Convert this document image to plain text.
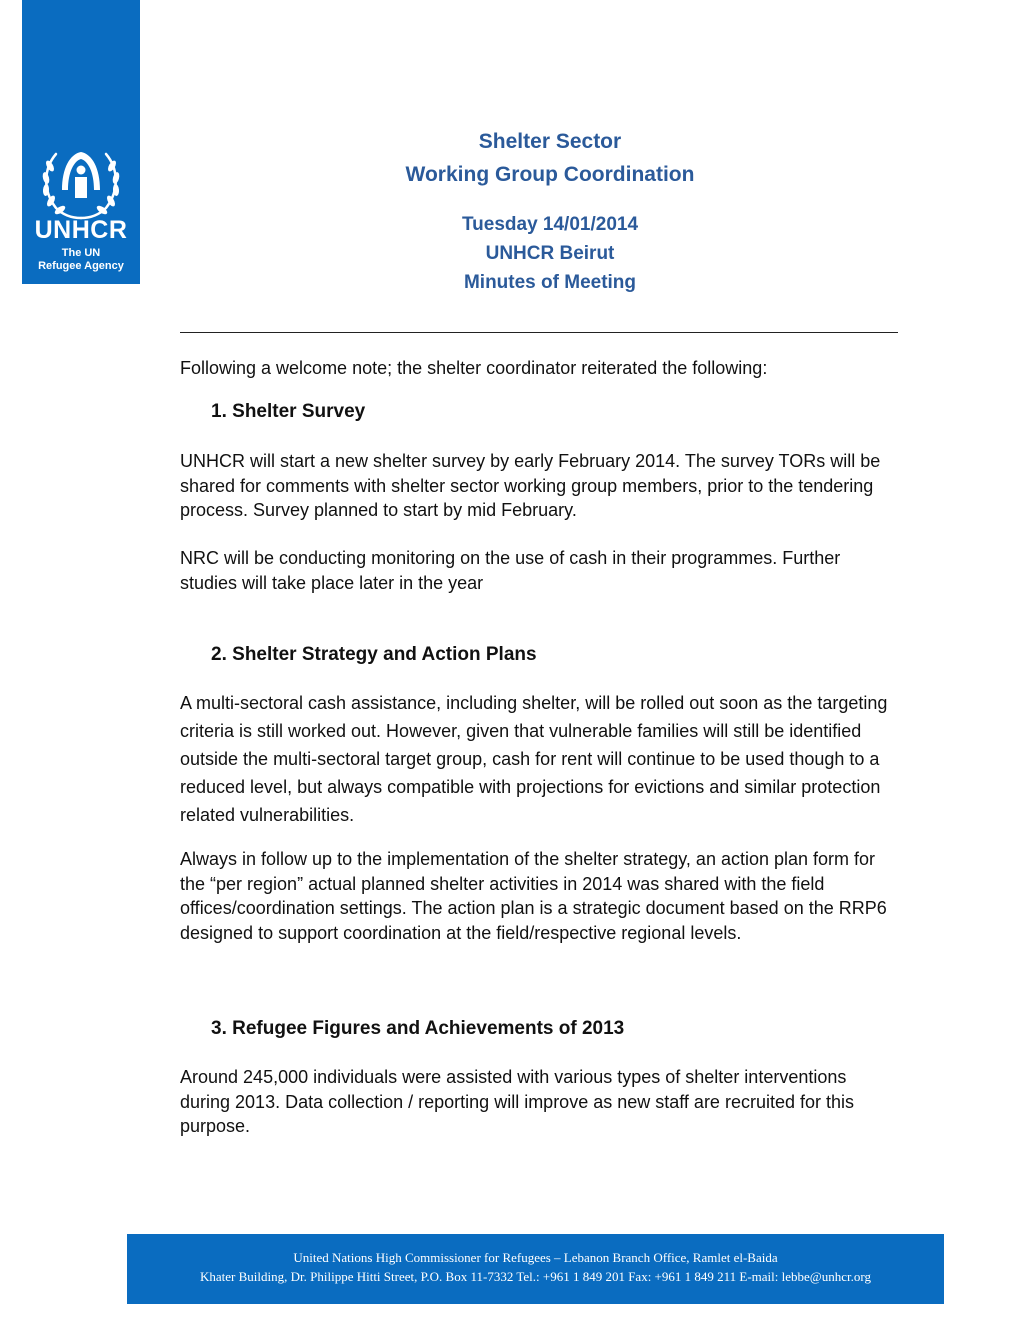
UNHCR
The UN
Refugee Agency
Shelter Sector
Working Group Coordination
Tuesday 14/01/2014
UNHCR Beirut
Minutes of Meeting
Following a welcome note; the shelter coordinator reiterated the following:
1. Shelter Survey
UNHCR will start a new shelter survey by early February 2014. The survey TORs will be shared for comments with shelter sector working group members, prior to the tendering process. Survey planned to start by mid February.
NRC will be conducting monitoring on the use of cash in their programmes. Further studies will take place later in the year
2. Shelter Strategy and Action Plans
A multi-sectoral cash assistance, including shelter, will be rolled out soon as the targeting criteria is still worked out. However, given that vulnerable families will still be identified outside the multi-sectoral target group, cash for rent will continue to be used though to a reduced level, but always compatible with projections for evictions and similar protection related vulnerabilities.
Always in follow up to the implementation of the shelter strategy, an action plan form for the “per region” actual planned shelter activities in 2014 was shared with the field offices/coordination settings. The action plan is a strategic document based on the RRP6 designed to support coordination at the field/respective regional levels.
3. Refugee Figures and Achievements of 2013
Around 245,000 individuals were assisted with various types of shelter interventions during 2013. Data collection / reporting will improve as new staff are recruited for this purpose.
United Nations High Commissioner for Refugees – Lebanon Branch Office, Ramlet el-Baida
Khater Building, Dr. Philippe Hitti Street, P.O. Box 11-7332 Tel.: +961 1 849 201 Fax: +961 1 849 211 E-mail: lebbe@unhcr.org
